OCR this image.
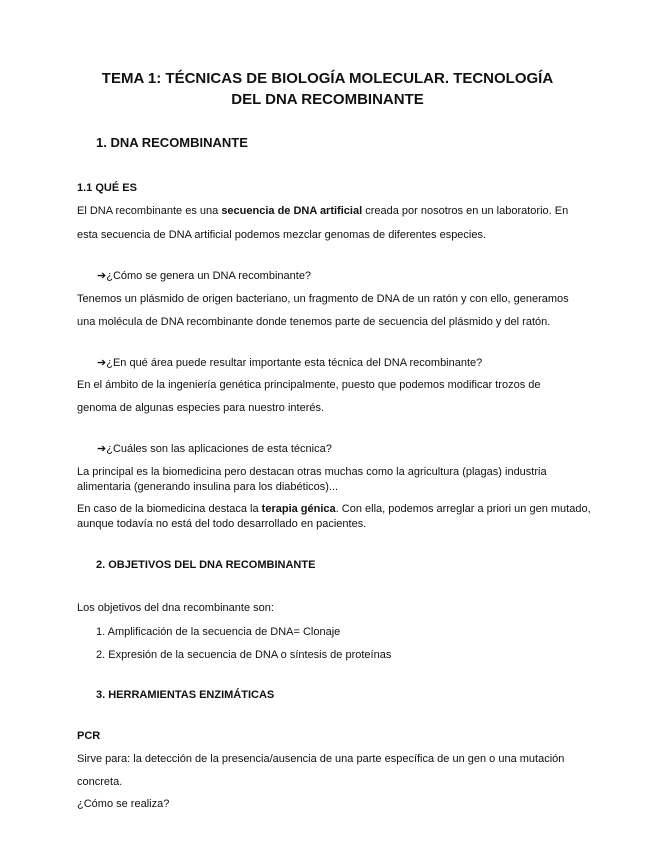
TEMA 1: TÉCNICAS DE BIOLOGÍA MOLECULAR. TECNOLOGÍA
DEL DNA RECOMBINANTE
1. DNA RECOMBINANTE
1.1 QUÉ ES
El DNA recombinante es una secuencia de DNA artificial creada por nosotros en un laboratorio. En
esta secuencia de DNA artificial podemos mezclar genomas de diferentes especies.
➔¿Cómo se genera un DNA recombinante?
Tenemos un plásmido de origen bacteriano, un fragmento de DNA de un ratón y con ello, generamos
una molécula de DNA recombinante donde tenemos parte de secuencia del plásmido y del ratón.
➔¿En qué área puede resultar importante esta técnica del DNA recombinante?
En el ámbito de la ingeniería genética principalmente, puesto que podemos modificar trozos de
genoma de algunas especies para nuestro interés.
➔¿Cuáles son las aplicaciones de esta técnica?
La principal es la biomedicina pero destacan otras muchas como la agricultura (plagas) industria
alimentaria (generando insulina para los diabéticos)...
En caso de la biomedicina destaca la terapia génica. Con ella, podemos arreglar a priori un gen mutado,
aunque todavía no está del todo desarrollado en pacientes.
2. OBJETIVOS DEL DNA RECOMBINANTE
Los objetivos del dna recombinante son:
1. Amplificación de la secuencia de DNA= Clonaje
2. Expresión de la secuencia de DNA o síntesis de proteínas
3. HERRAMIENTAS ENZIMÁTICAS
PCR
Sirve para: la detección de la presencia/ausencia de una parte específica de un gen o una mutación
concreta.
¿Cómo se realiza?
